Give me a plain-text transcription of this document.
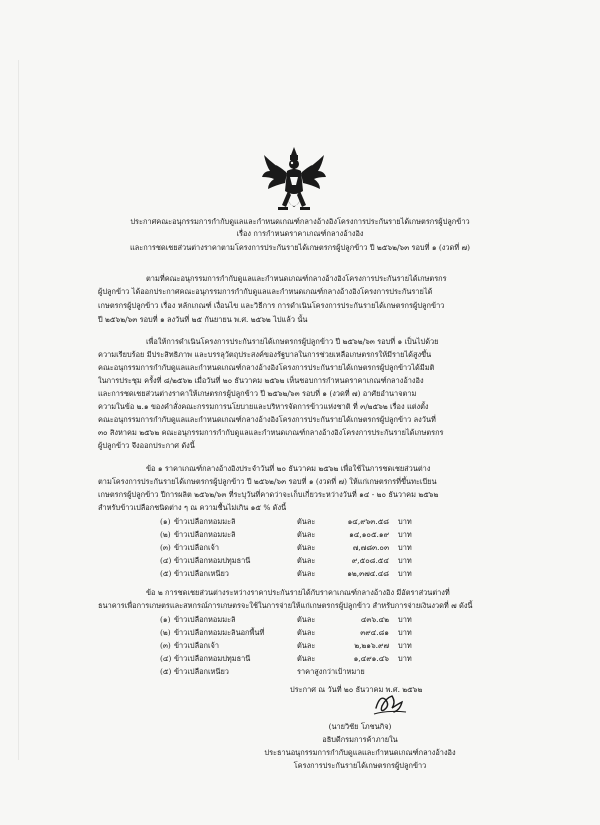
ประกาศคณะอนุกรรมการกำกับดูแลและกำหนดเกณฑ์กลางอ้างอิงโครงการประกันรายได้เกษตรกรผู้ปลูกข้าว
เรื่อง การกำหนดราคาเกณฑ์กลางอ้างอิง
และการชดเชยส่วนต่างราคาตามโครงการประกันรายได้เกษตรกรผู้ปลูกข้าว ปี ๒๕๖๒/๖๓ รอบที่ ๑ (งวดที่ ๗)
ตามที่คณะอนุกรรมการกำกับดูแลและกำหนดเกณฑ์กลางอ้างอิงโครงการประกันรายได้เกษตรกร
ผู้ปลูกข้าว ได้ออกประกาศคณะอนุกรรมการกำกับดูแลและกำหนดเกณฑ์กลางอ้างอิงโครงการประกันรายได้
เกษตรกรผู้ปลูกข้าว เรื่อง หลักเกณฑ์ เงื่อนไข และวิธีการ การดำเนินโครงการประกันรายได้เกษตรกรผู้ปลูกข้าว
ปี ๒๕๖๒/๖๓ รอบที่ ๑ ลงวันที่ ๒๕ กันยายน พ.ศ. ๒๕๖๒ ไปแล้ว นั้น
เพื่อให้การดำเนินโครงการประกันรายได้เกษตรกรผู้ปลูกข้าว ปี ๒๕๖๒/๖๓ รอบที่ ๑ เป็นไปด้วย
ความเรียบร้อย มีประสิทธิภาพ และบรรลุวัตถุประสงค์ของรัฐบาลในการช่วยเหลือเกษตรกรให้มีรายได้สูงขึ้น
คณะอนุกรรมการกำกับดูแลและกำหนดเกณฑ์กลางอ้างอิงโครงการประกันรายได้เกษตรกรผู้ปลูกข้าวได้มีมติ
ในการประชุม ครั้งที่ ๘/๒๕๖๒ เมื่อวันที่ ๒๐ ธันวาคม ๒๕๖๒ เห็นชอบการกำหนดราคาเกณฑ์กลางอ้างอิง
และการชดเชยส่วนต่างราคาให้เกษตรกรผู้ปลูกข้าว ปี ๒๕๖๒/๖๓ รอบที่ ๑ (งวดที่ ๗) อาศัยอำนาจตาม
ความในข้อ ๒.๑ ของคำสั่งคณะกรรมการนโยบายและบริหารจัดการข้าวแห่งชาติ ที่ ๓/๒๕๖๒ เรื่อง แต่งตั้ง
คณะอนุกรรมการกำกับดูแลและกำหนดเกณฑ์กลางอ้างอิงโครงการประกันรายได้เกษตรกรผู้ปลูกข้าว ลงวันที่
๓๐ สิงหาคม ๒๕๖๒ คณะอนุกรรมการกำกับดูแลและกำหนดเกณฑ์กลางอ้างอิงโครงการประกันรายได้เกษตรกร
ผู้ปลูกข้าว จึงออกประกาศ ดังนี้
ข้อ ๑ ราคาเกณฑ์กลางอ้างอิงประจำวันที่ ๒๐ ธันวาคม ๒๕๖๒ เพื่อใช้ในการชดเชยส่วนต่าง
ตามโครงการประกันรายได้เกษตรกรผู้ปลูกข้าว ปี ๒๕๖๒/๖๓ รอบที่ ๑ (งวดที่ ๗) ให้แก่เกษตรกรที่ขึ้นทะเบียน
เกษตรกรผู้ปลูกข้าว ปีการผลิต ๒๕๖๒/๖๓ ที่ระบุวันที่คาดว่าจะเก็บเกี่ยวระหว่างวันที่ ๑๔ - ๒๐ ธันวาคม ๒๕๖๒
สำหรับข้าวเปลือกชนิดต่าง ๆ ณ ความชื้นไม่เกิน ๑๕ % ดังนี้
(๑) ข้าวเปลือกหอมมะลิ	ตันละ	๑๔,๙๖๓.๕๘ บาท
(๒) ข้าวเปลือกหอมมะลิ	ตันละ	๑๔,๑๐๕.๑๙ บาท
(๓) ข้าวเปลือกเจ้า	ตันละ	๗,๗๘๓.๐๓ บาท
(๔) ข้าวเปลือกหอมปทุมธานี	ตันละ	๙,๕๐๘.๕๔ บาท
(๕) ข้าวเปลือกเหนียว	ตันละ	๑๒,๓๗๔.๔๘ บาท
ข้อ ๒ การชดเชยส่วนต่างระหว่างราคาประกันรายได้กับราคาเกณฑ์กลางอ้างอิง มีอัตราส่วนต่างที่
ธนาคารเพื่อการเกษตรและสหกรณ์การเกษตรจะใช้ในการจ่ายให้แก่เกษตรกรผู้ปลูกข้าว สำหรับการจ่ายเงินงวดที่ ๗ ดังนี้
(๑) ข้าวเปลือกหอมมะลิ	ตันละ	๔๓๖.๔๒ บาท
(๒) ข้าวเปลือกหอมมะลินอกพื้นที่	ตันละ	๓๙๔.๘๑ บาท
(๓) ข้าวเปลือกเจ้า	ตันละ	๒,๒๑๖.๙๗ บาท
(๔) ข้าวเปลือกหอมปทุมธานี	ตันละ	๑,๔๙๑.๔๖ บาท
(๕) ข้าวเปลือกเหนียว	ราคาสูงกว่าเป้าหมาย
ประกาศ ณ วันที่ ๒๐ ธันวาคม พ.ศ. ๒๕๖๒
(นายวิชัย โภชนกิจ)
อธิบดีกรมการค้าภายใน
ประธานอนุกรรมการกำกับดูแลและกำหนดเกณฑ์กลางอ้างอิง
โครงการประกันรายได้เกษตรกรผู้ปลูกข้าว
